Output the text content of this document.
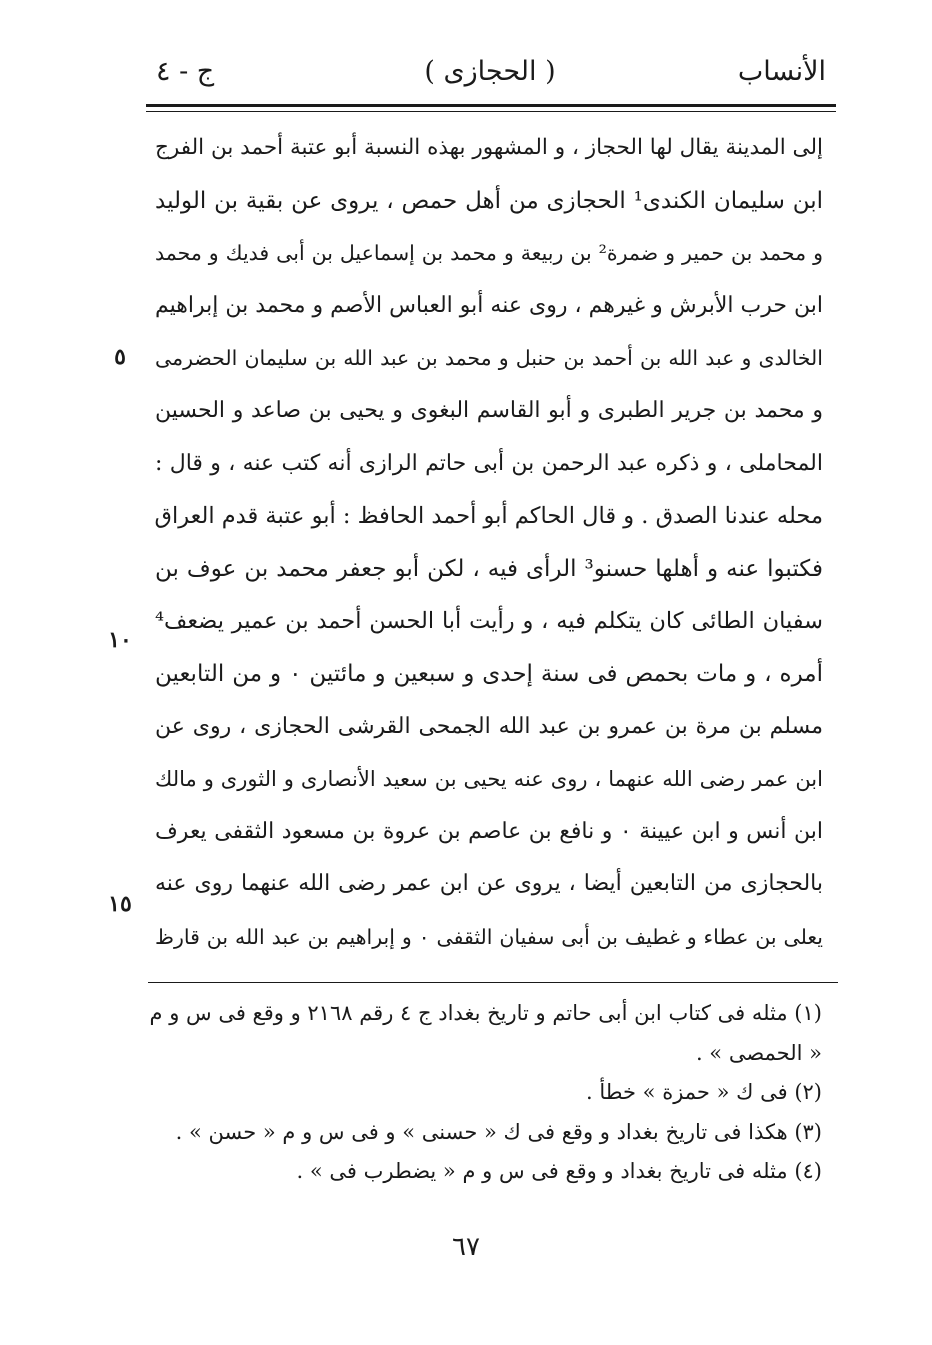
الأنساب
( الحجازى )
ج - ٤
إلى المدينة يقال لها الحجاز ، و المشهور بهذه النسبة أبو عتبة أحمد بن الفرج
ابن سليمان الكندى¹ الحجازى من أهل حمص ، يروى عن بقية بن الوليد
و محمد بن حمير و ضمرة² بن ربيعة و محمد بن إسماعيل بن أبى فديك و محمد
ابن حرب الأبرش و غيرهم ، روى عنه أبو العباس الأصم و محمد بن إبراهيم
الخالدى و عبد الله بن أحمد بن حنبل و محمد بن عبد الله بن سليمان الحضرمى
و محمد بن جرير الطبرى و أبو القاسم البغوى و يحيى بن صاعد و الحسين
المحاملى ، و ذكره عبد الرحمن بن أبى حاتم الرازى أنه كتب عنه ، و قال :
محله عندنا الصدق . و قال الحاكم أبو أحمد الحافظ : أبو عتبة قدم العراق
فكتبوا عنه و أهلها حسنو³ الرأى فيه ، لكن أبو جعفر محمد بن عوف بن
سفيان الطائى كان يتكلم فيه ، و رأيت أبا الحسن أحمد بن عمير يضعف⁴
أمره ، و مات بحمص فى سنة إحدى و سبعين و مائتين ۰ و من التابعين
مسلم بن مرة بن عمرو بن عبد الله الجمحى القرشى الحجازى ، روى عن
ابن عمر رضى الله عنهما ، روى عنه يحيى بن سعيد الأنصارى و الثورى و مالك
ابن أنس و ابن عيينة ۰ و نافع بن عاصم بن عروة بن مسعود الثقفى يعرف
بالحجازى من التابعين أيضا ، يروى عن ابن عمر رضى الله عنهما روى عنه
يعلى بن عطاء و غطيف بن أبى سفيان الثقفى ۰ و إبراهيم بن عبد الله بن قارظ
٥
١٠
١٥
(١) مثله فى كتاب ابن أبى حاتم و تاريخ بغداد ج ٤ رقم ٢١٦٨ و وقع فى س و م
« الحمصى » .
(٢) فى ك « حمزة » خطأ .
(٣) هكذا فى تاريخ بغداد و وقع فى ك « حسنى » و فى س و م « حسن » .
(٤) مثله فى تاريخ بغداد و وقع فى س و م « يضطرب فى » .
٦٧
